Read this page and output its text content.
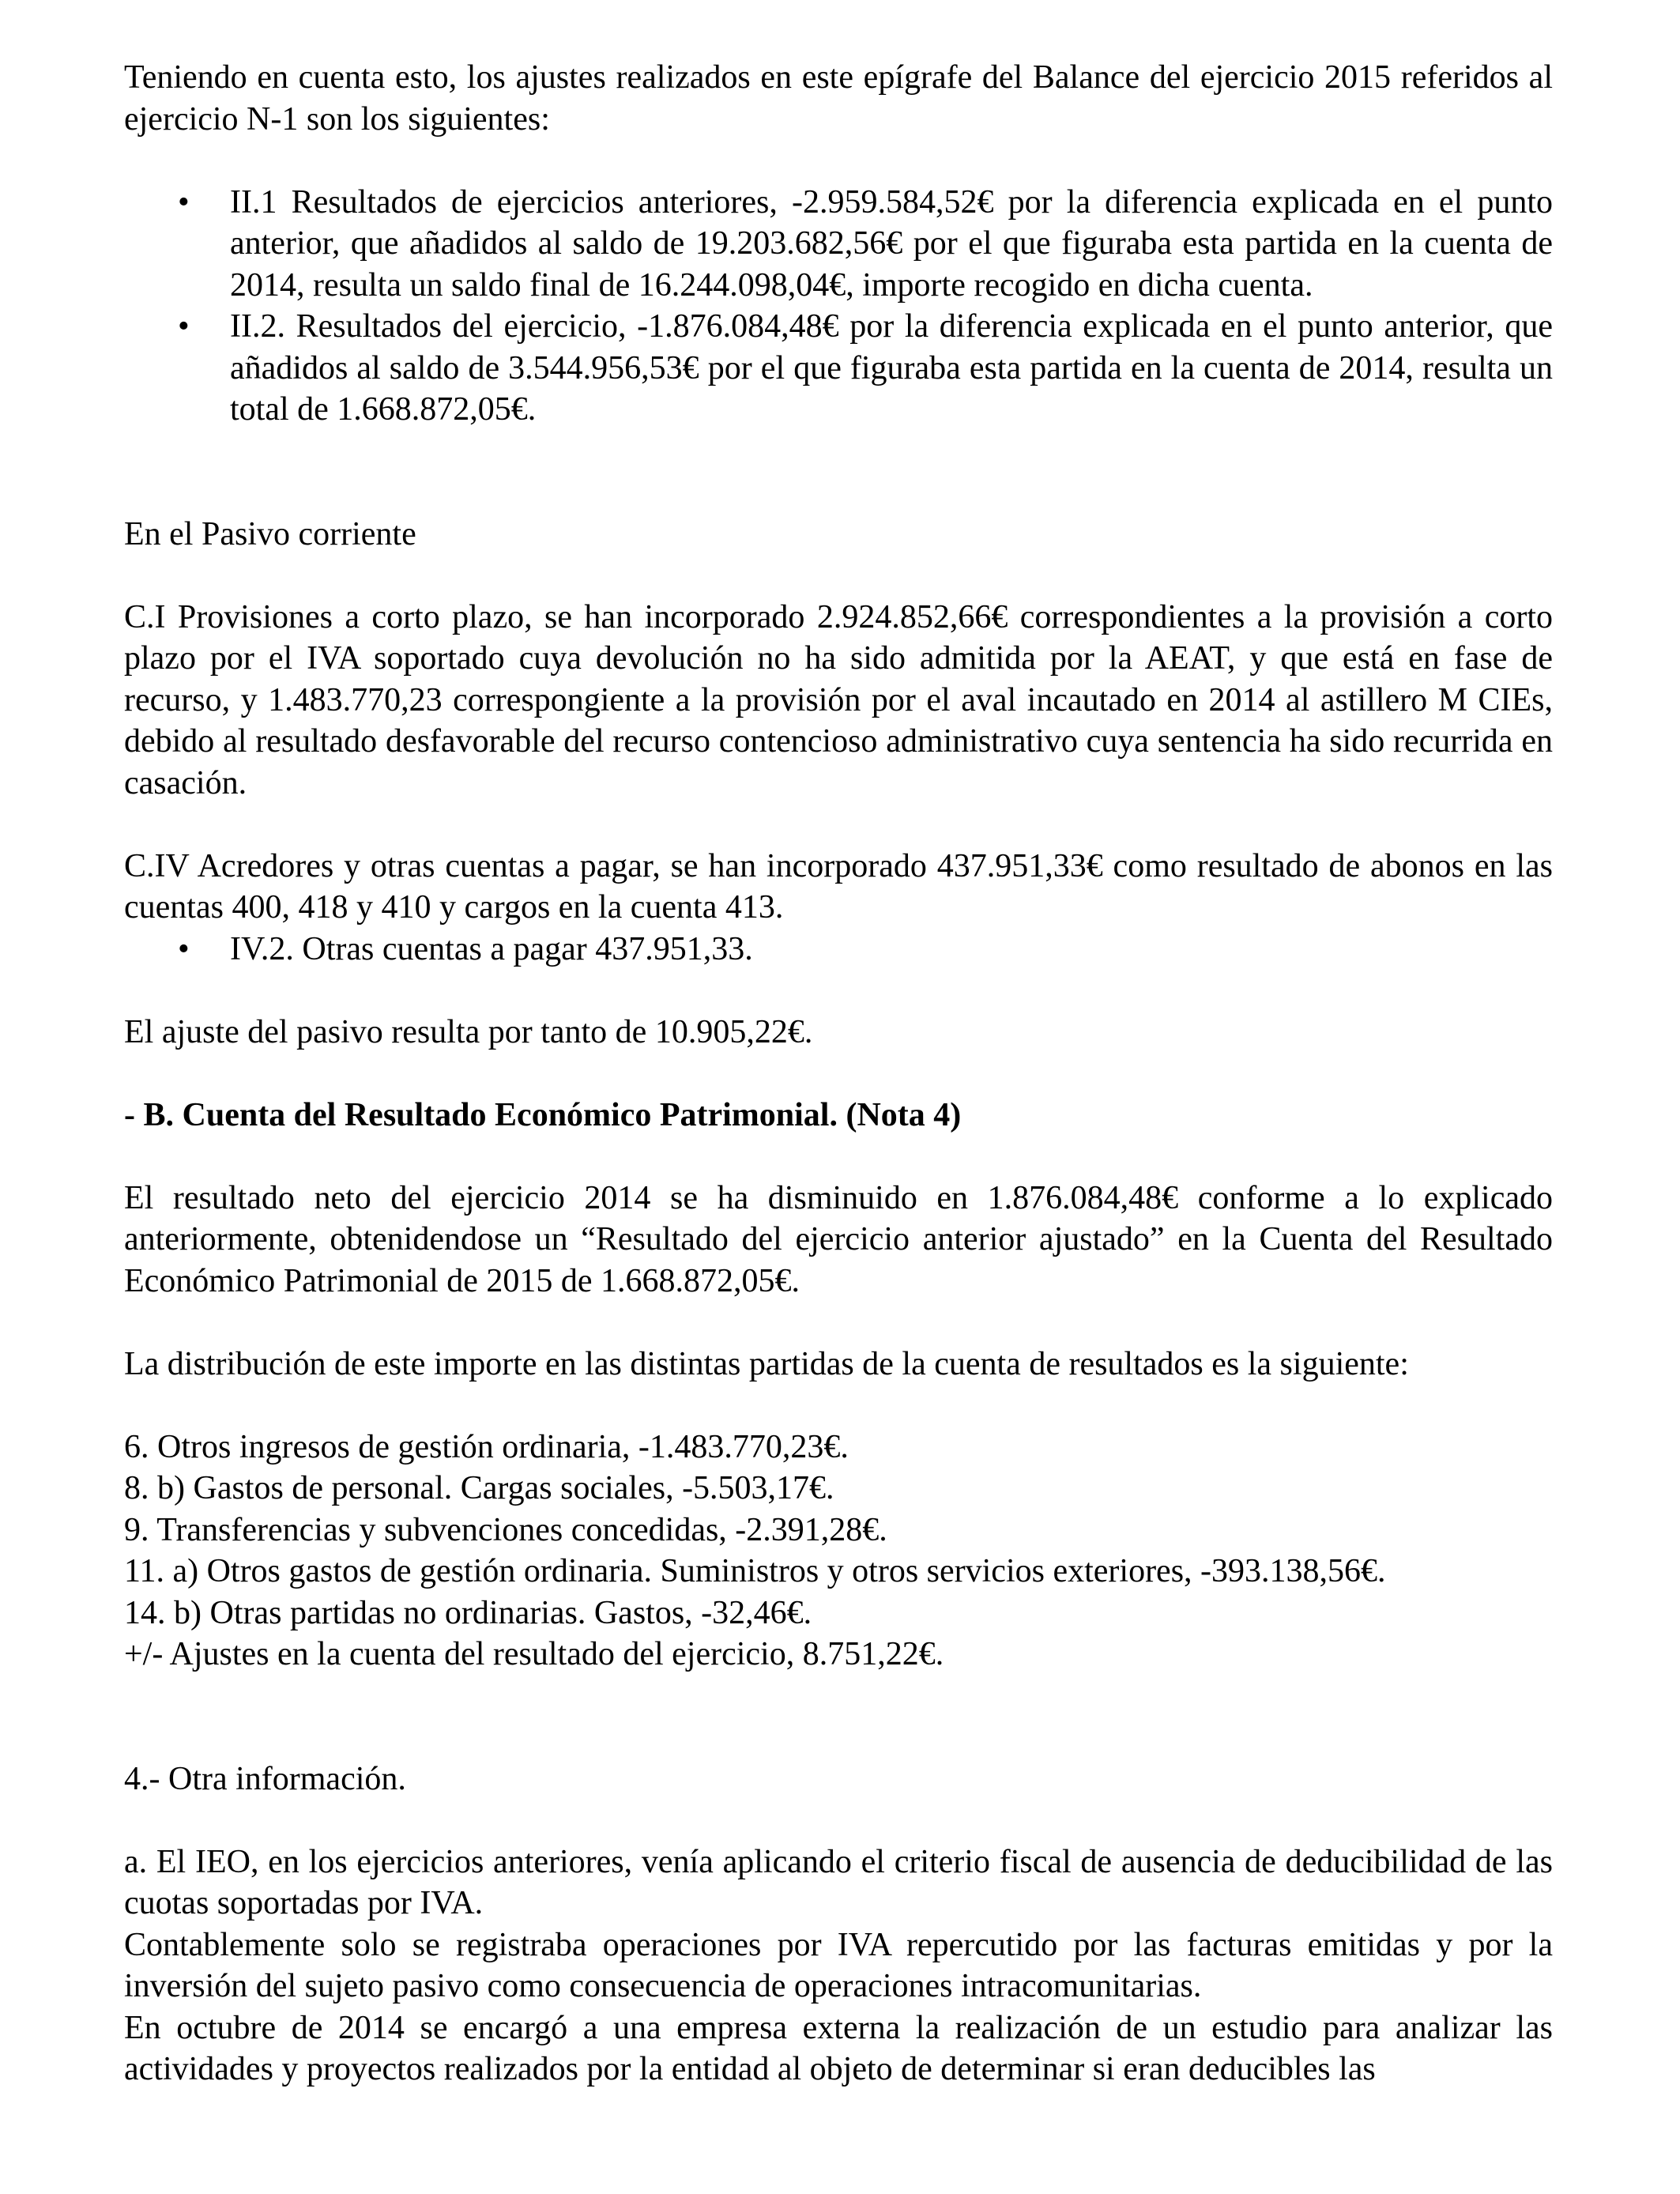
Teniendo en cuenta esto, los ajustes realizados en este epígrafe del Balance del ejercicio 2015 referidos al ejercicio N-1 son los siguientes:

• II.1 Resultados de ejercicios anteriores, -2.959.584,52€ por la diferencia explicada en el punto anterior, que añadidos al saldo de 19.203.682,56€ por el que figuraba esta partida en la cuenta de 2014, resulta un saldo final de 16.244.098,04€, importe recogido en dicha cuenta.
• II.2. Resultados del ejercicio, -1.876.084,48€ por la diferencia explicada en el punto anterior, que añadidos al saldo de 3.544.956,53€ por el que figuraba esta partida en la cuenta de 2014, resulta un total de 1.668.872,05€.

En el Pasivo corriente

C.I Provisiones a corto plazo, se han incorporado 2.924.852,66€ correspondientes a la provisión a corto plazo por el IVA soportado cuya devolución no ha sido admitida por la AEAT, y que está en fase de recurso, y 1.483.770,23 correspongiente a la provisión por el aval incautado en 2014 al astillero M CIEs, debido al resultado desfavorable del recurso contencioso administrativo cuya sentencia ha sido recurrida en casación.

C.IV Acredores y otras cuentas a pagar, se han incorporado 437.951,33€ como resultado de abonos en las cuentas 400, 418 y 410 y cargos en la cuenta 413.

• IV.2. Otras cuentas a pagar 437.951,33.

El ajuste del pasivo resulta por tanto de 10.905,22€.

- B. Cuenta del Resultado Económico Patrimonial. (Nota 4)

El resultado neto del ejercicio 2014 se ha disminuido en 1.876.084,48€ conforme a lo explicado anteriormente, obtenidendose un “Resultado del ejercicio anterior ajustado” en la Cuenta del Resultado Económico Patrimonial de 2015 de 1.668.872,05€.

La distribución de este importe en las distintas partidas de la cuenta de resultados es la siguiente:

6. Otros ingresos de gestión ordinaria, -1.483.770,23€.

8. b) Gastos de personal. Cargas sociales, -5.503,17€.

9. Transferencias y subvenciones concedidas, -2.391,28€.

11. a) Otros gastos de gestión ordinaria. Suministros y otros servicios exteriores, -393.138,56€.

14. b) Otras partidas no ordinarias. Gastos, -32,46€.

+/- Ajustes en la cuenta del resultado del ejercicio, 8.751,22€.

4.- Otra información.

a. El IEO, en los ejercicios anteriores, venía aplicando el criterio fiscal de ausencia de deducibilidad de las cuotas soportadas por IVA.

Contablemente solo se registraba operaciones por IVA repercutido por las facturas emitidas y por la inversión del sujeto pasivo como consecuencia de operaciones intracomunitarias.

En octubre de 2014 se encargó a una empresa externa la realización de un estudio para analizar las actividades y proyectos realizados por la entidad al objeto de determinar si eran deducibles las
